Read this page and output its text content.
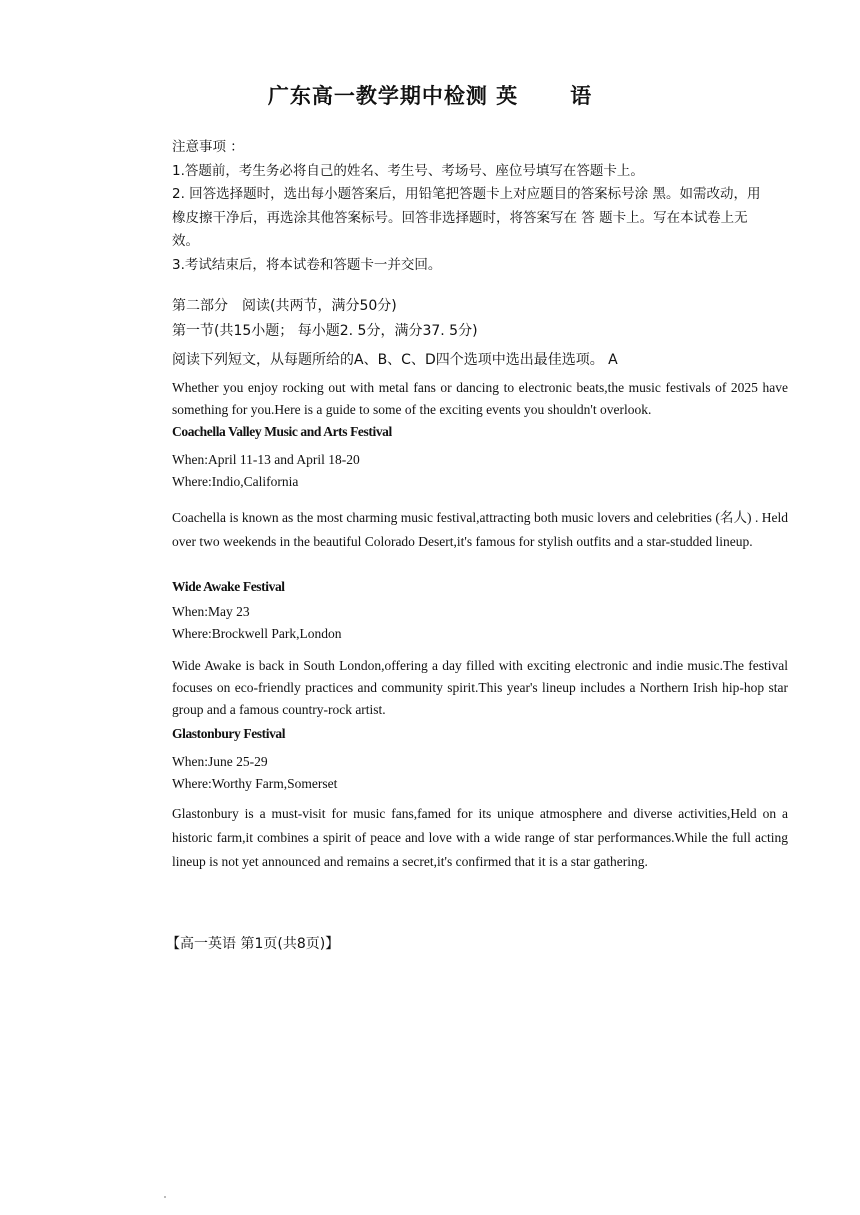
广东高一教学期中检测 英 语

注意事项 ：

1.答题前，考生务必将自己的姓名、考生号、考场号、座位号填写在答题卡上。

2. 回答选择题时，选出每小题答案后，用铅笔把答题卡上对应题目的答案标号涂 黑。如需改动，用橡皮擦干净后，再选涂其他答案标号。回答非选择题时，将答案写在 答 题卡上。写在本试卷上无效。

3.考试结束后，将本试卷和答题卡一并交回。

第二部分　阅读(共两节，满分50分)
第一节(共15小题； 每小题2. 5分，满分37. 5分)
阅读下列短文，从每题所给的A、B、C、D四个选项中选出最佳选项。 A

Whether you enjoy rocking out with metal fans or dancing to electronic beats,the music festivals of 2025 have something for you.Here is a guide to some of the exciting events you shouldn't overlook.

Coachella Valley Music and Arts Festival

When:April 11-13 and April 18-20

Where:Indio,California

Coachella is known as the most charming music festival,attracting both music lovers and celebrities (名人) . Held over two weekends in the beautiful Colorado Desert,it's famous for stylish outfits and a star-studded lineup.

Wide Awake Festival

When:May 23

Where:Brockwell Park,London

Wide Awake is back in South London,offering a day filled with exciting electronic and indie music.The festival focuses on eco-friendly practices and community spirit.This year's lineup includes a Northern Irish hip-hop star group and a famous country-rock artist.

Glastonbury Festival

When:June 25-29

Where:Worthy Farm,Somerset

Glastonbury is a must-visit for music fans,famed for its unique atmosphere and diverse activities,Held on a historic farm,it combines a spirit of peace and love with a wide range of star performances.While the full acting lineup is not yet announced and remains a secret,it's confirmed that it is a star gathering.

【高一英语 第1页(共8页)】
